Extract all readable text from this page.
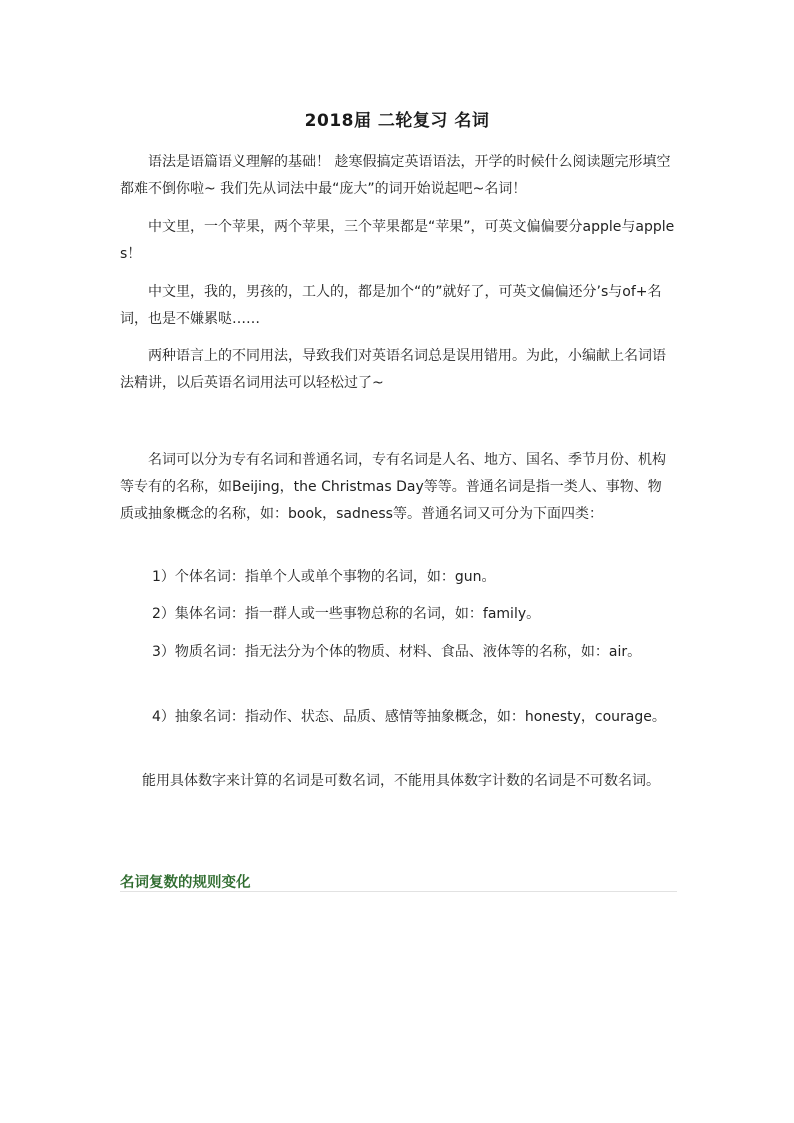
2018届 二轮复习 名词
语法是语篇语义理解的基础！ 趁寒假搞定英语语法，开学的时候什么阅读题完形填空都难不倒你啦~ 我们先从词法中最“庞大”的词开始说起吧~名词！
中文里，一个苹果，两个苹果，三个苹果都是“苹果”，可英文偏偏要分apple与apples！
中文里，我的，男孩的，工人的，都是加个“的”就好了，可英文偏偏还分’s与of+名词，也是不嫌累哒……
两种语言上的不同用法，导致我们对英语名词总是误用错用。为此，小编献上名词语法精讲，以后英语名词用法可以轻松过了~
名词可以分为专有名词和普通名词，专有名词是人名、地方、国名、季节月份、机构等专有的名称，如Beijing，the Christmas Day等等。普通名词是指一类人、事物、物质或抽象概念的名称，如：book，sadness等。普通名词又可分为下面四类：
1）个体名词：指单个人或单个事物的名词，如：gun。
2）集体名词：指一群人或一些事物总称的名词，如：family。
3）物质名词：指无法分为个体的物质、材料、食品、液体等的名称，如：air。
4）抽象名词：指动作、状态、品质、感情等抽象概念，如：honesty，courage。
能用具体数字来计算的名词是可数名词，不能用具体数字计数的名词是不可数名词。
名词复数的规则变化
